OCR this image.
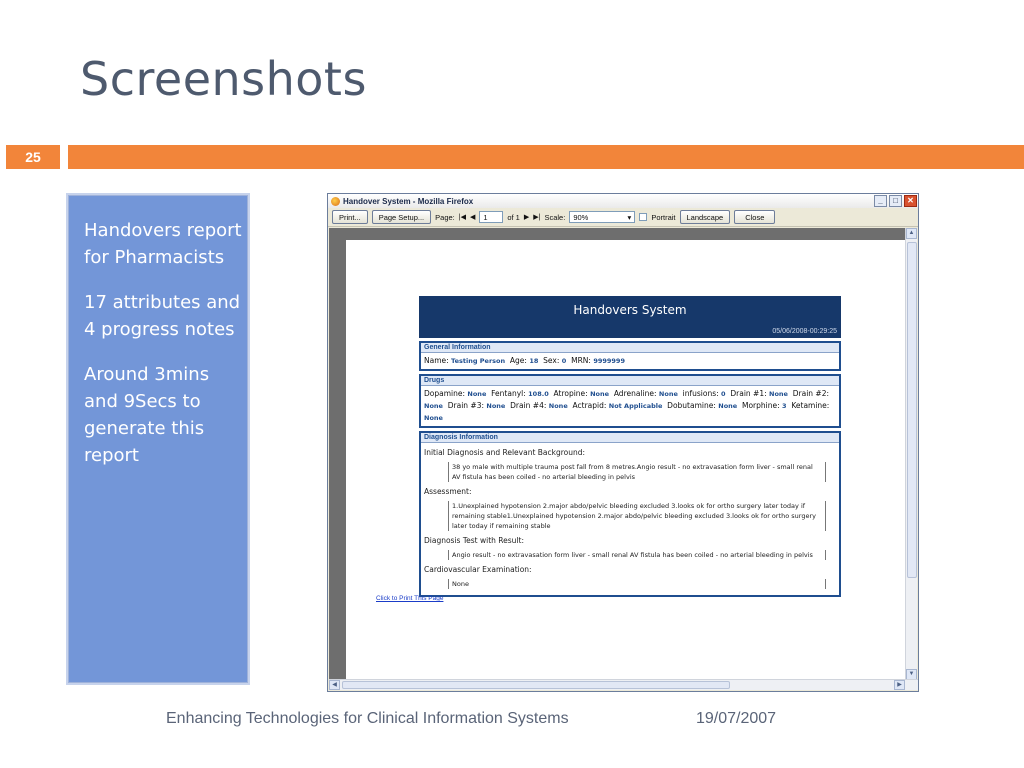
Screenshots
25

Handovers report for Pharmacists

17 attributes and 4 progress notes

Around 3mins and 9Secs to generate this report

Handover System - Mozilla Firefox	_	□	✕
Print...	Page Setup...	Page: |◀ ◀	1	of 1 ▶ ▶| Scale: 90%	▾	Portrait	Landscape	Close
Handovers System
05/06/2008-00:29:25
General Information
Name: Testing Person Age: 18 Sex: 0 MRN: 9999999
Drugs
Dopamine: None Fentanyl: 108.0 Atropine: None Adrenaline: None infusions: 0 Drain #1: None Drain #2: None Drain #3: None Drain #4: None Actrapid: Not Applicable Dobutamine: None Morphine: 3 Ketamine: None
Diagnosis Information
Initial Diagnosis and Relevant Background:
38 yo male with multiple trauma post fall from 8 metres.Angio result - no extravasation form liver - small renal AV fistula has been coiled - no arterial bleeding in pelvis
Assessment:
1.Unexplained hypotension 2.major abdo/pelvic bleeding excluded 3.looks ok for ortho surgery later today if remaining stable1.Unexplained hypotension 2.major abdo/pelvic bleeding excluded 3.looks ok for ortho surgery later today if remaining stable
Diagnosis Test with Result:
Angio result - no extravasation form liver - small renal AV fistula has been coiled - no arterial bleeding in pelvis
Cardiovascular Examination:
None
Click to Print This Page
▲
▼
◀	▶
Enhancing Technologies for Clinical Information Systems	19/07/2007
